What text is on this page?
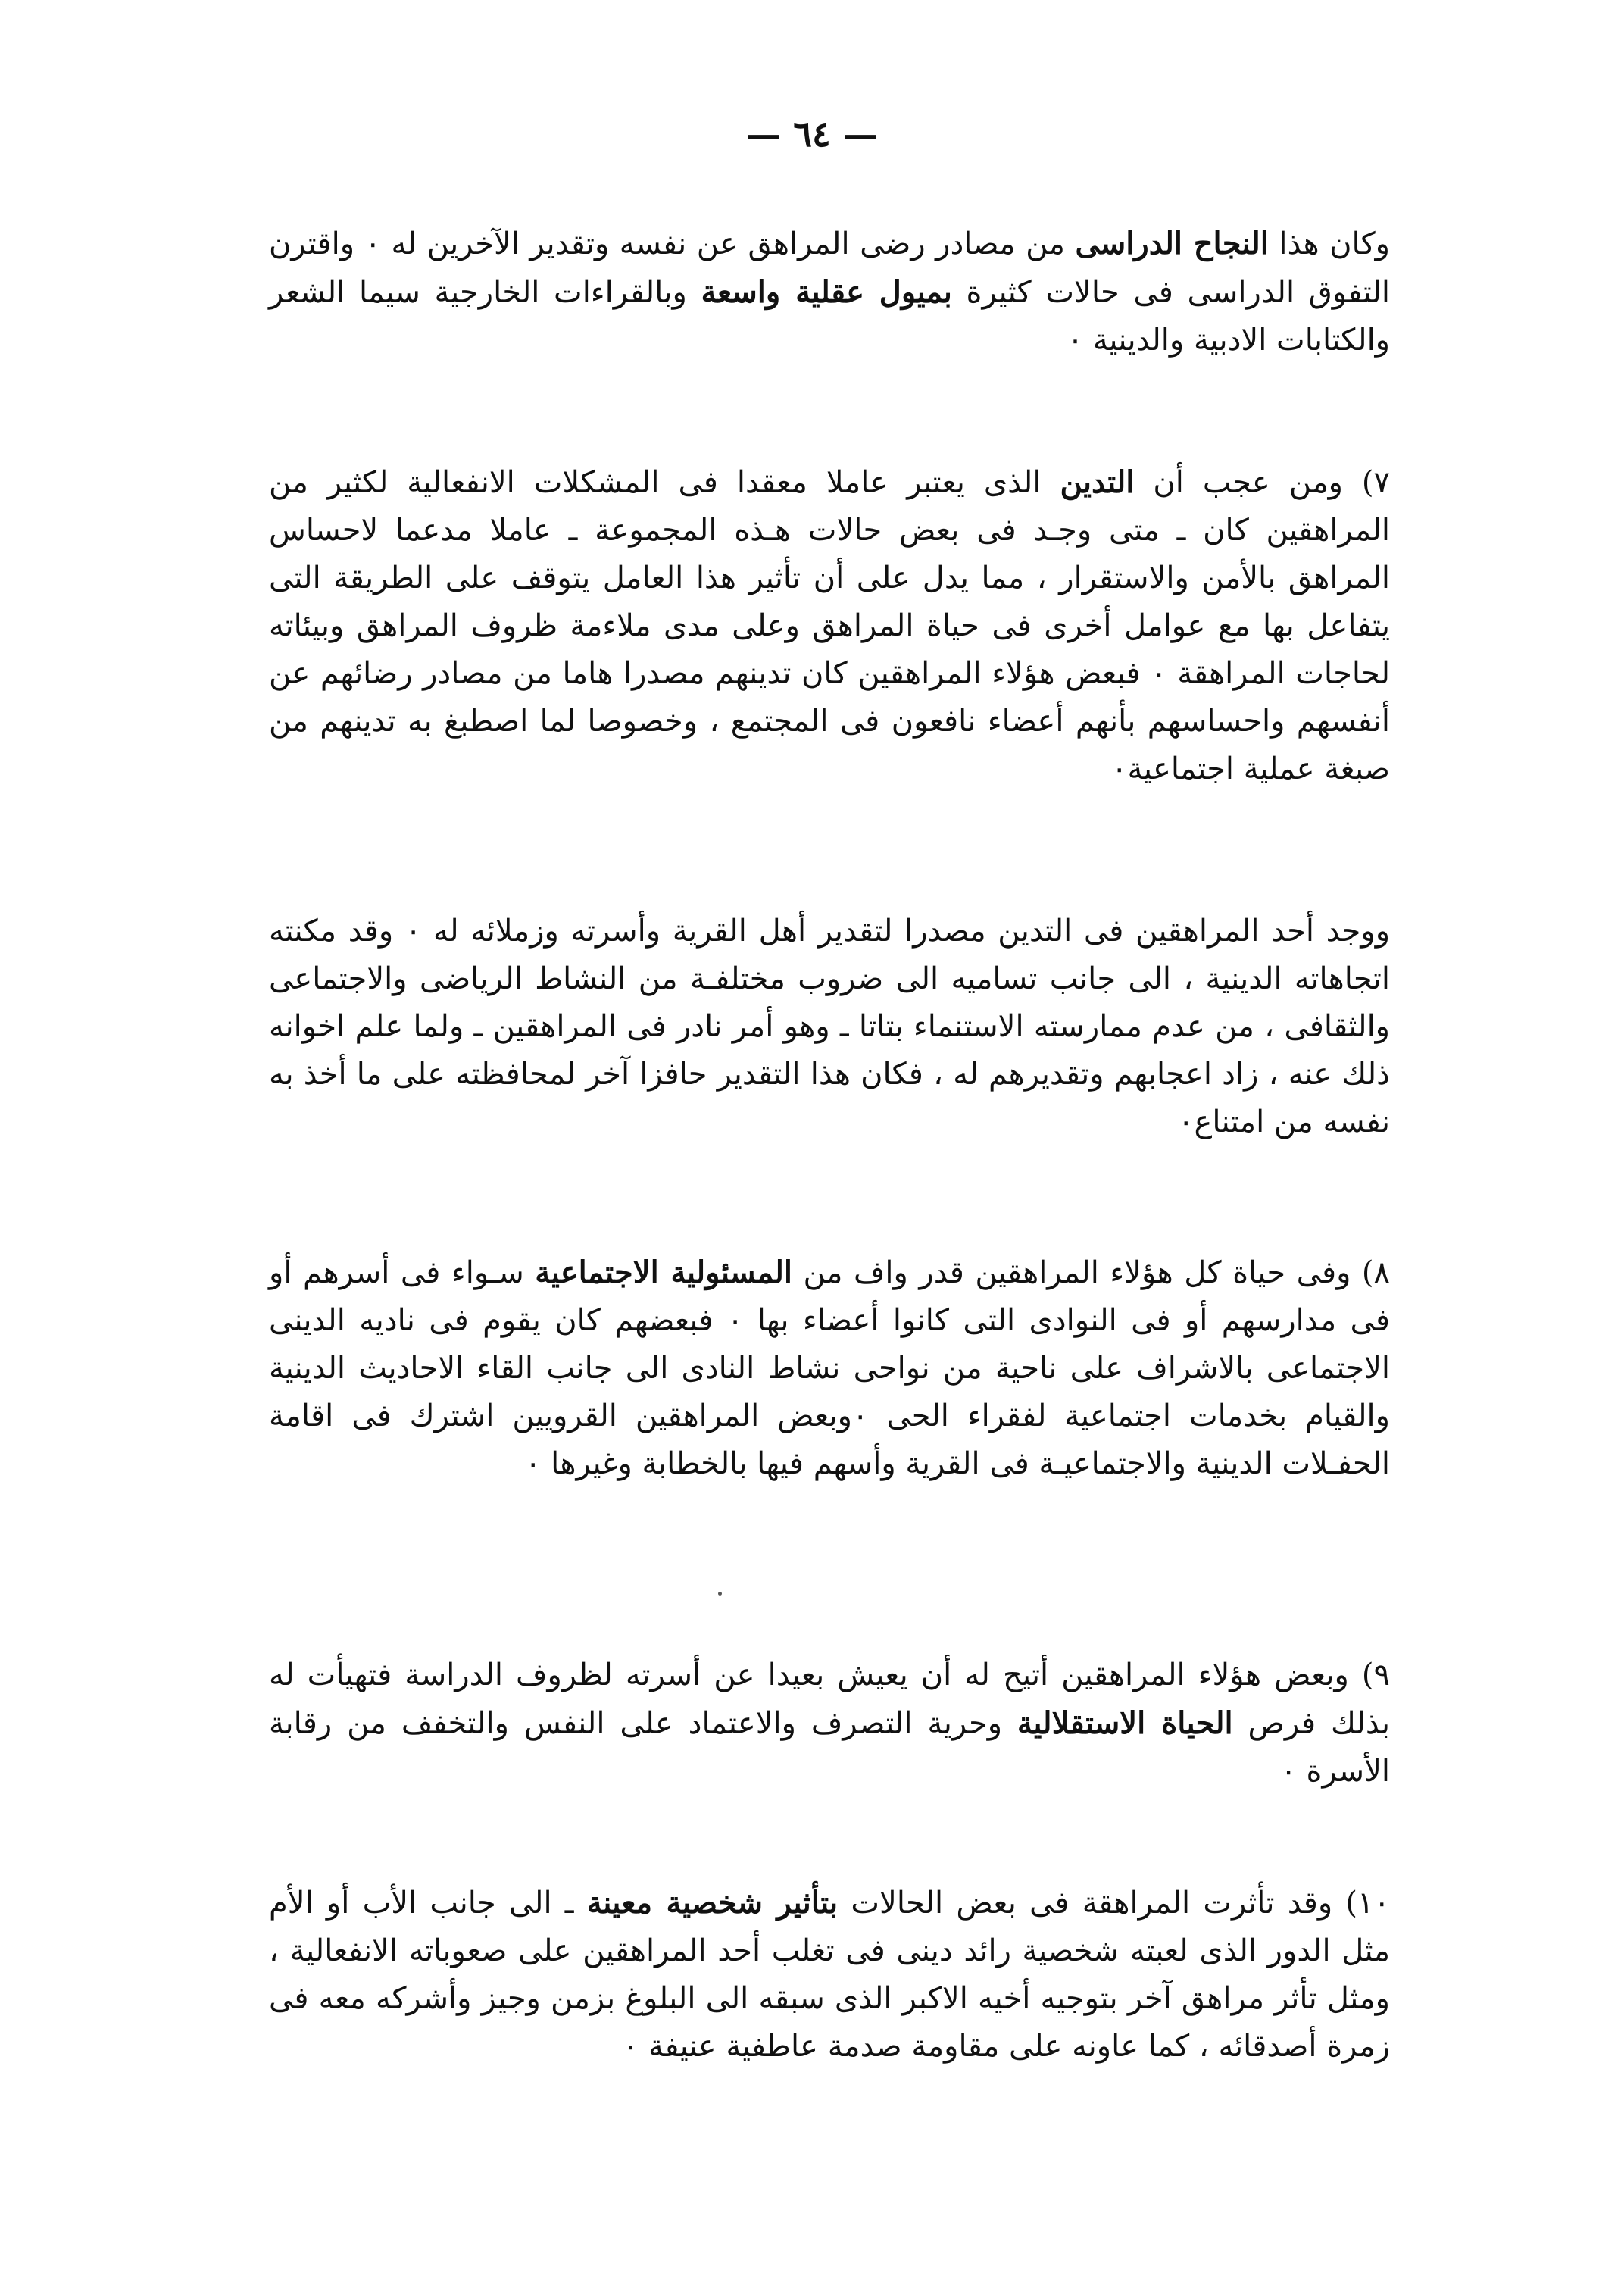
— ٦٤ —

وكان هذا النجاح الدراسى من مصادر رضى المراهق عن نفسه وتقدير الآخرين له ٠ واقترن التفوق الدراسى فى حالات كثيرة بميول عقلية واسعة وبالقراءات الخارجية سيما الشعر والكتابات الادبية والدينية ٠

٧) ومن عجب أن التدين الذى يعتبر عاملا معقدا فى المشكلات الانفعالية لكثير من المراهقين كان ـ متى وجـد فى بعض حالات هـذه المجموعة ـ عاملا مدعما لاحساس المراهق بالأمن والاستقرار ، مما يدل على أن تأثير هذا العامل يتوقف على الطريقة التى يتفاعل بها مع عوامل أخرى فى حياة المراهق وعلى مدى ملاءمة ظروف المراهق وبيئاته لحاجات المراهقة ٠ فبعض هؤلاء المراهقين كان تدينهم مصدرا هاما من مصادر رضائهم عن أنفسهم واحساسهم بأنهم أعضاء نافعون فى المجتمع ، وخصوصا لما اصطبغ به تدينهم من صبغة عملية اجتماعية٠

ووجد أحد المراهقين فى التدين مصدرا لتقدير أهل القرية وأسرته وزملائه له ٠ وقد مكنته اتجاهاته الدينية ، الى جانب تساميه الى ضروب مختلفـة من النشاط الرياضى والاجتماعى والثقافى ، من عدم ممارسته الاستنماء بتاتا ـ وهو أمر نادر فى المراهقين ـ ولما علم اخوانه ذلك عنه ، زاد اعجابهم وتقديرهم له ، فكان هذا التقدير حافزا آخر لمحافظته على ما أخذ به نفسه من امتناع٠

٨) وفى حياة كل هؤلاء المراهقين قدر واف من المسئولية الاجتماعية سـواء فى أسرهم أو فى مدارسهم أو فى النوادى التى كانوا أعضاء بها ٠ فبعضهم كان يقوم فى ناديه الدينى الاجتماعى بالاشراف على ناحية من نواحى نشاط النادى الى جانب القاء الاحاديث الدينية والقيام بخدمات اجتماعية لفقراء الحى ٠وبعض المراهقين القرويين اشترك فى اقامة الحفـلات الدينية والاجتماعيـة فى القرية وأسهم فيها بالخطابة وغيرها ٠

٩) وبعض هؤلاء المراهقين أتيح له أن يعيش بعيدا عن أسرته لظروف الدراسة فتهيأت له بذلك فرص الحياة الاستقلالية وحرية التصرف والاعتماد على النفس والتخفف من رقابة الأسرة ٠

١٠) وقد تأثرت المراهقة فى بعض الحالات بتأثير شخصية معينة ـ الى جانب الأب أو الأم مثل الدور الذى لعبته شخصية رائد دينى فى تغلب أحد المراهقين على صعوباته الانفعالية ، ومثل تأثر مراهق آخر بتوجيه أخيه الاكبر الذى سبقه الى البلوغ بزمن وجيز وأشركه معه فى زمرة أصدقائه ، كما عاونه على مقاومة صدمة عاطفية عنيفة ٠
